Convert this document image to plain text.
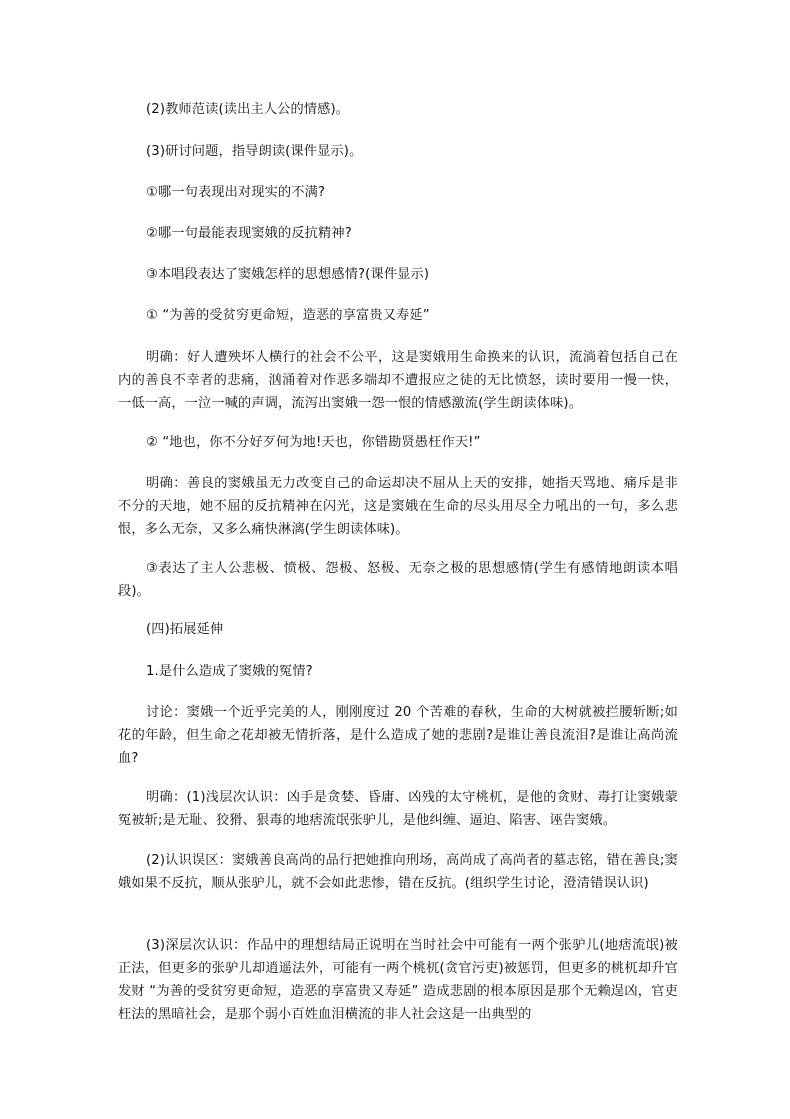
(2)教师范读(读出主人公的情感)。

(3)研讨问题，指导朗读(课件显示)。

①哪一句表现出对现实的不满?

②哪一句最能表现窦娥的反抗精神?

③本唱段表达了窦娥怎样的思想感情?(课件显示)

① “为善的受贫穷更命短，造恶的享富贵又寿延”

明确：好人遭殃坏人横行的社会不公平，这是窦娥用生命换来的认识，流淌着包括自己在内的善良不幸者的悲痛，汹涌着对作恶多端却不遭报应之徒的无比愤怒，读时要用一慢一快，一低一高，一泣一喊的声调，流泻出窦娥一怨一恨的情感激流(学生朗读体味)。

② “地也，你不分好歹何为地!天也，你错勘贤愚枉作天!”

明确：善良的窦娥虽无力改变自己的命运却决不屈从上天的安排，她指天骂地、痛斥是非不分的天地，她不屈的反抗精神在闪光，这是窦娥在生命的尽头用尽全力吼出的一句，多么悲恨，多么无奈，又多么痛快淋漓(学生朗读体味)。

③表达了主人公悲极、愤极、怨极、怒极、无奈之极的思想感情(学生有感情地朗读本唱段)。

(四)拓展延伸

1.是什么造成了窦娥的冤情?

讨论：窦娥一个近乎完美的人，刚刚度过 20 个苦难的春秋，生命的大树就被拦腰斩断;如花的年龄，但生命之花却被无情折落，是什么造成了她的悲剧?是谁让善良流泪?是谁让高尚流血?

明确：(1)浅层次认识：凶手是贪婪、昏庸、凶残的太守桃杌，是他的贪财、毒打让窦娥蒙冤被斩;是无耻、狡猾、狠毒的地痞流氓张驴儿，是他纠缠、逼迫、陷害、诬告窦娥。

(2)认识误区：窦娥善良高尚的品行把她推向刑场，高尚成了高尚者的墓志铭，错在善良;窦娥如果不反抗，顺从张驴儿，就不会如此悲惨，错在反抗。(组织学生讨论，澄清错误认识)

(3)深层次认识：作品中的理想结局正说明在当时社会中可能有一两个张驴儿(地痞流氓)被正法，但更多的张驴儿却逍遥法外，可能有一两个桃杌(贪官污吏)被惩罚，但更多的桃杌却升官发财 “为善的受贫穷更命短，造恶的享富贵又寿延” 造成悲剧的根本原因是那个无赖逞凶，官吏枉法的黑暗社会，是那个弱小百姓血泪横流的非人社会这是一出典型的
